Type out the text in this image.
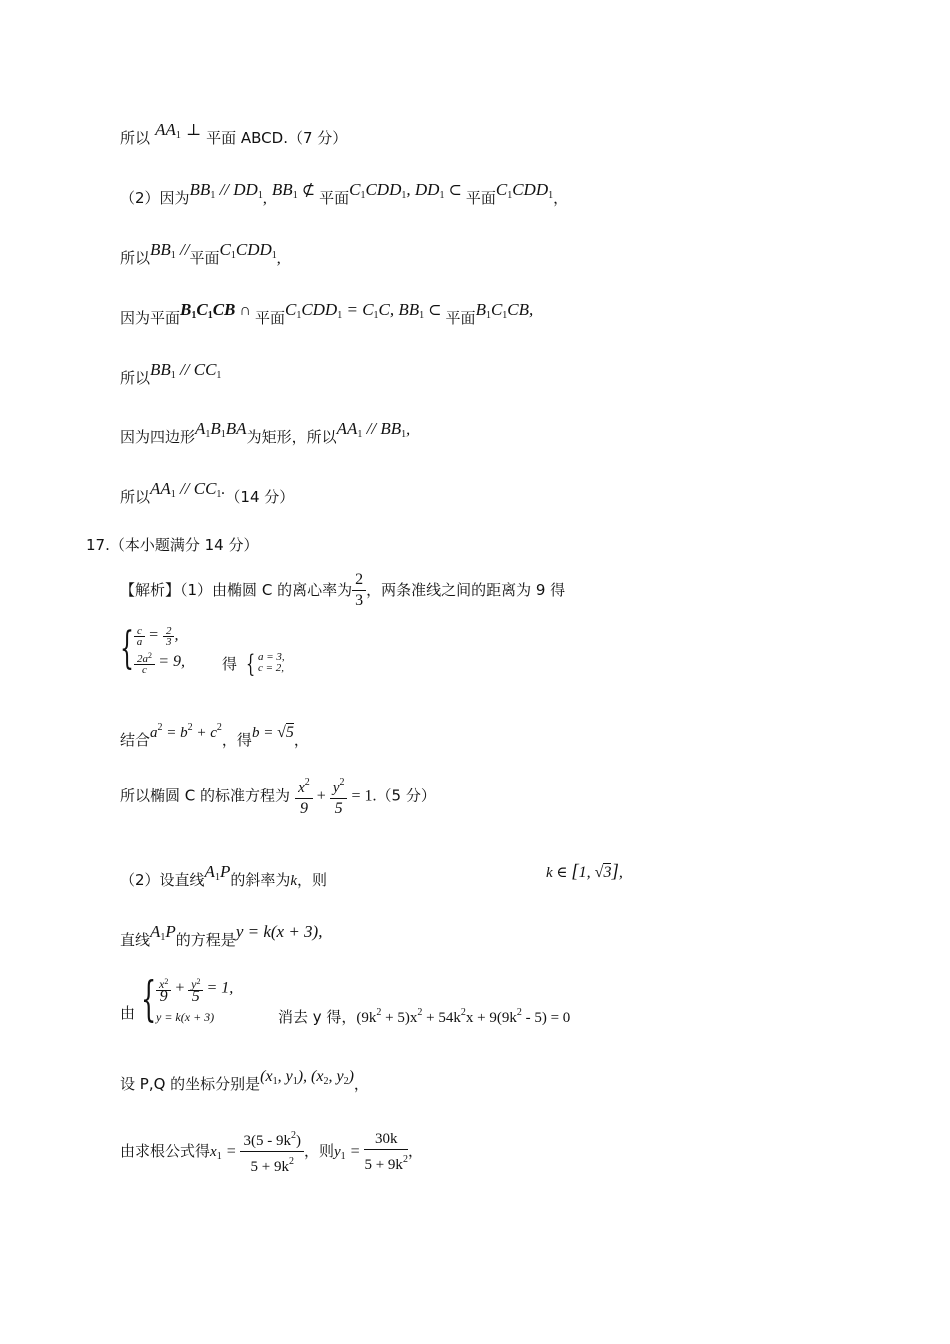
所以 $AA_1$ ⊥ 平面 ABCD.（7 分）
（2）因为$BB_1 // DD_1$, $BB_1$ ⊄ 平面$C_1CDD_1$, $DD_1$ ⊂ 平面$C_1CDD_1$，
所以$BB_1$ //平面$C_1CDD_1$,
因为平面$B_1C_1CB$ ∩ 平面$C_1CDD_1 = C_1C$, $BB_1$ ⊂ 平面$B_1C_1CB$,
所以$BB_1 // CC_1$
因为四边形$A_1B_1BA$为矩形，所以$AA_1 // BB_1$,
所以$AA_1 // CC_1.(14$ 分）
17.（本小题满分 14 分）
【解析】（1）由椭圆 C 的离心率为 $\frac{2}{3}$ ，两条准线之间的距离为 9 得
{ $\frac{c}{a} = \frac{2}{3}$ ,
$\frac{2a^2}{c} = 9$, 得 { a = 3,
c = 2,
结合$a^2 = b^2 + c^2$，得b = √5，
所以椭圆 C 的标准方程为 $\frac{x^2}{9} + \frac{y^2}{5} = 1.(5$ 分）
（2）设直线$A_1P$的斜率为k，则	k ∈ [1, √3],
直线$A_1P$的方程是y = k(x + 3),
由 { $\frac{x^2}{9} + \frac{y^2}{5} = 1$,
y = k(x + 3)	消去 y 得，$(9k^2 + 5)x^2 + 54k^2x + 9(9k^2 - 5) = 0$
设 P,Q 的坐标分别是($x_1$, $y_1$), ($x_2$, $y_2$)，
由求根公式得$x_1 = \frac{3(5 - 9k^2)}{5 + 9k^2}$ ，则$y_1 = \frac{30k}{5 + 9k^2}$ ，
